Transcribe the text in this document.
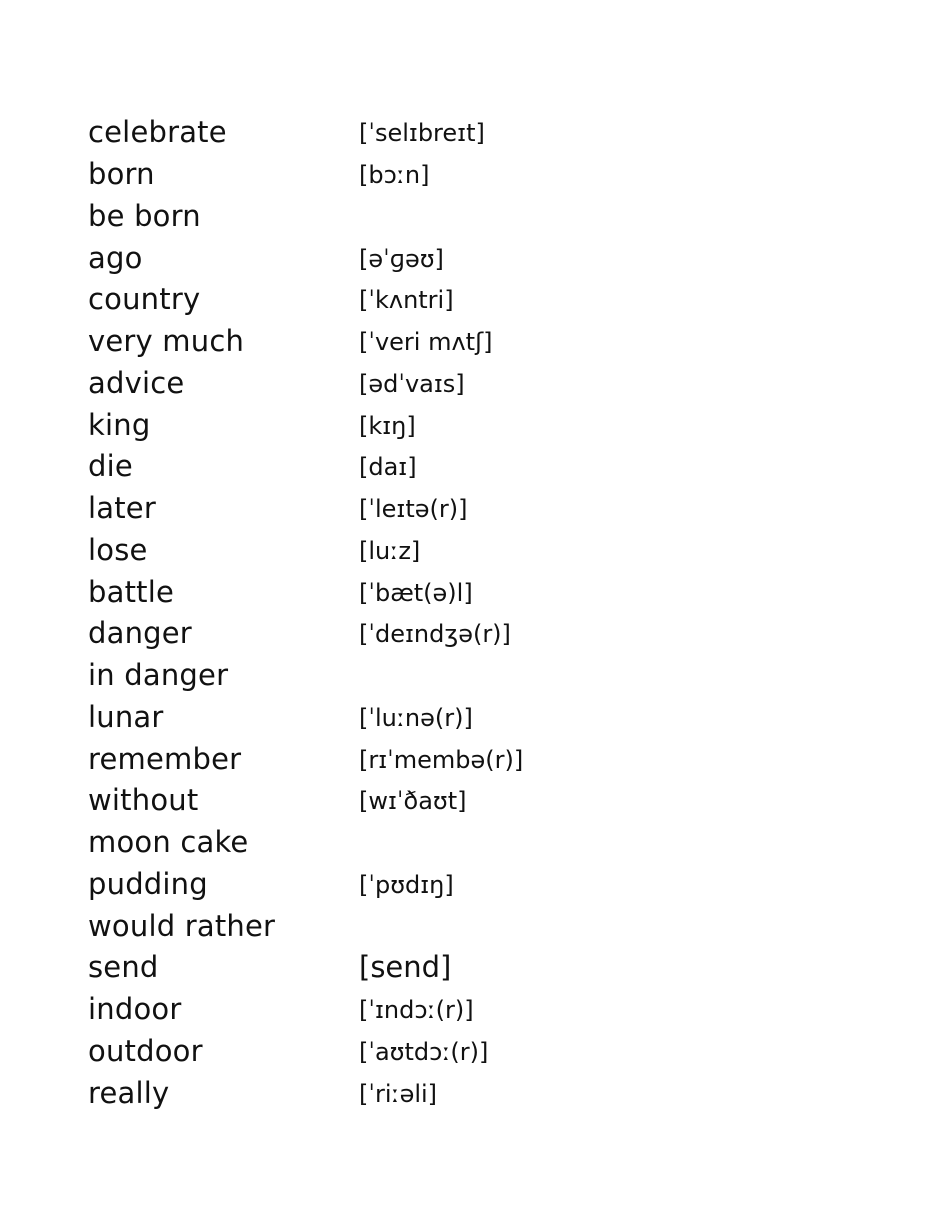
celebrate	[ˈselɪbreɪt]
born	[bɔːn]
be born
ago	[əˈɡəʊ]
country	[ˈkʌntri]
very much	[ˈveri mʌtʃ]
advice	[ədˈvaɪs]
king	[kɪŋ]
die	[daɪ]
later	[ˈleɪtə(r)]
lose	[luːz]
battle	[ˈbæt(ə)l]
danger	[ˈdeɪndʒə(r)]
in danger
lunar	[ˈluːnə(r)]
remember	[rɪˈmembə(r)]
without	[wɪˈðaʊt]
moon cake
pudding	[ˈpʊdɪŋ]
would rather
send	[send]
indoor	[ˈɪndɔː(r)]
outdoor	[ˈaʊtdɔː(r)]
really	[ˈriːəli]
